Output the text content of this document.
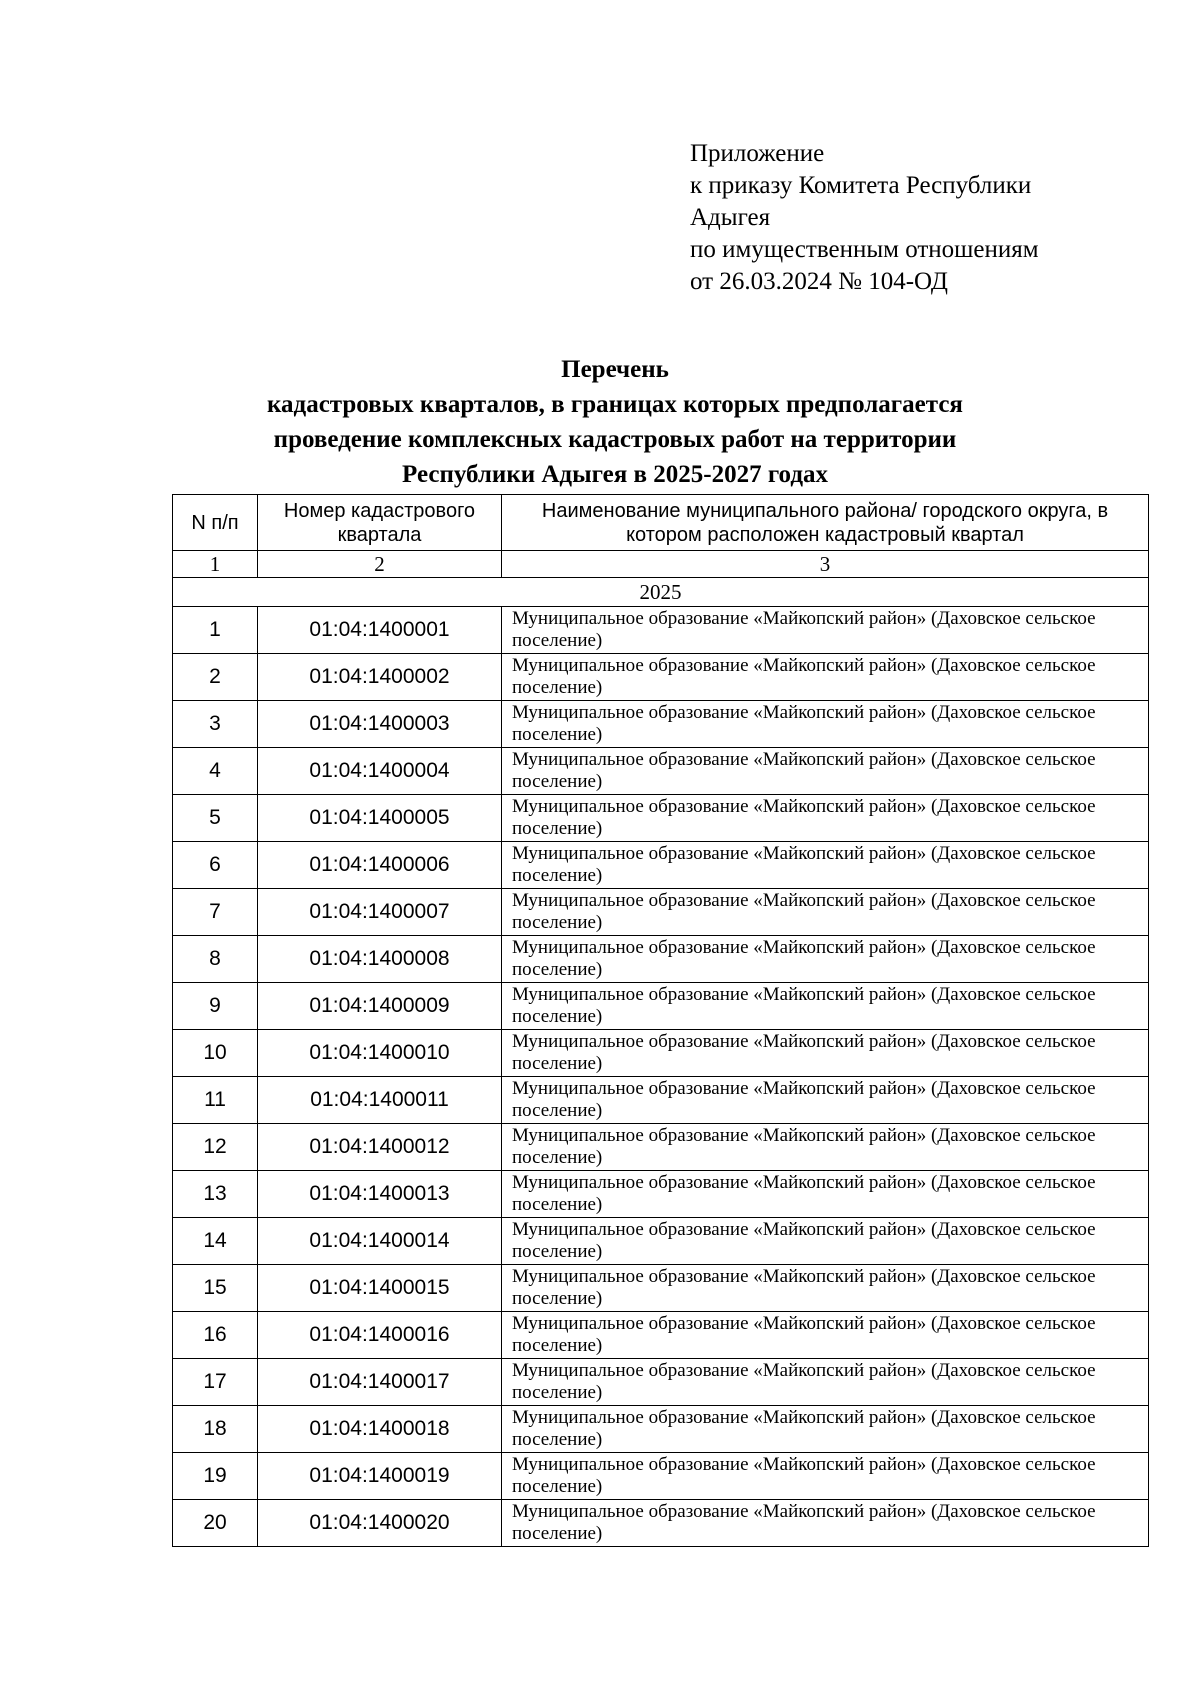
Приложение
к приказу Комитета Республики
Адыгея
по имущественным отношениям
от 26.03.2024 № 104-ОД
Перечень
кадастровых кварталов, в границах которых предполагается
проведение комплексных кадастровых работ на территории
Республики Адыгея в 2025-2027 годах
N п/п	Номер кадастрового квартала	Наименование муниципального района/ городского округа, в котором расположен кадастровый квартал
1	2	3
2025		
1	01:04:1400001	Муниципальное образование «Майкопский район» (Даховское сельское поселение)
2	01:04:1400002	Муниципальное образование «Майкопский район» (Даховское сельское поселение)
3	01:04:1400003	Муниципальное образование «Майкопский район» (Даховское сельское поселение)
4	01:04:1400004	Муниципальное образование «Майкопский район» (Даховское сельское поселение)
5	01:04:1400005	Муниципальное образование «Майкопский район» (Даховское сельское поселение)
6	01:04:1400006	Муниципальное образование «Майкопский район» (Даховское сельское поселение)
7	01:04:1400007	Муниципальное образование «Майкопский район» (Даховское сельское поселение)
8	01:04:1400008	Муниципальное образование «Майкопский район» (Даховское сельское поселение)
9	01:04:1400009	Муниципальное образование «Майкопский район» (Даховское сельское поселение)
10	01:04:1400010	Муниципальное образование «Майкопский район» (Даховское сельское поселение)
11	01:04:1400011	Муниципальное образование «Майкопский район» (Даховское сельское поселение)
12	01:04:1400012	Муниципальное образование «Майкопский район» (Даховское сельское поселение)
13	01:04:1400013	Муниципальное образование «Майкопский район» (Даховское сельское поселение)
14	01:04:1400014	Муниципальное образование «Майкопский район» (Даховское сельское поселение)
15	01:04:1400015	Муниципальное образование «Майкопский район» (Даховское сельское поселение)
16	01:04:1400016	Муниципальное образование «Майкопский район» (Даховское сельское поселение)
17	01:04:1400017	Муниципальное образование «Майкопский район» (Даховское сельское поселение)
18	01:04:1400018	Муниципальное образование «Майкопский район» (Даховское сельское поселение)
19	01:04:1400019	Муниципальное образование «Майкопский район» (Даховское сельское поселение)
20	01:04:1400020	Муниципальное образование «Майкопский район» (Даховское сельское поселение)
